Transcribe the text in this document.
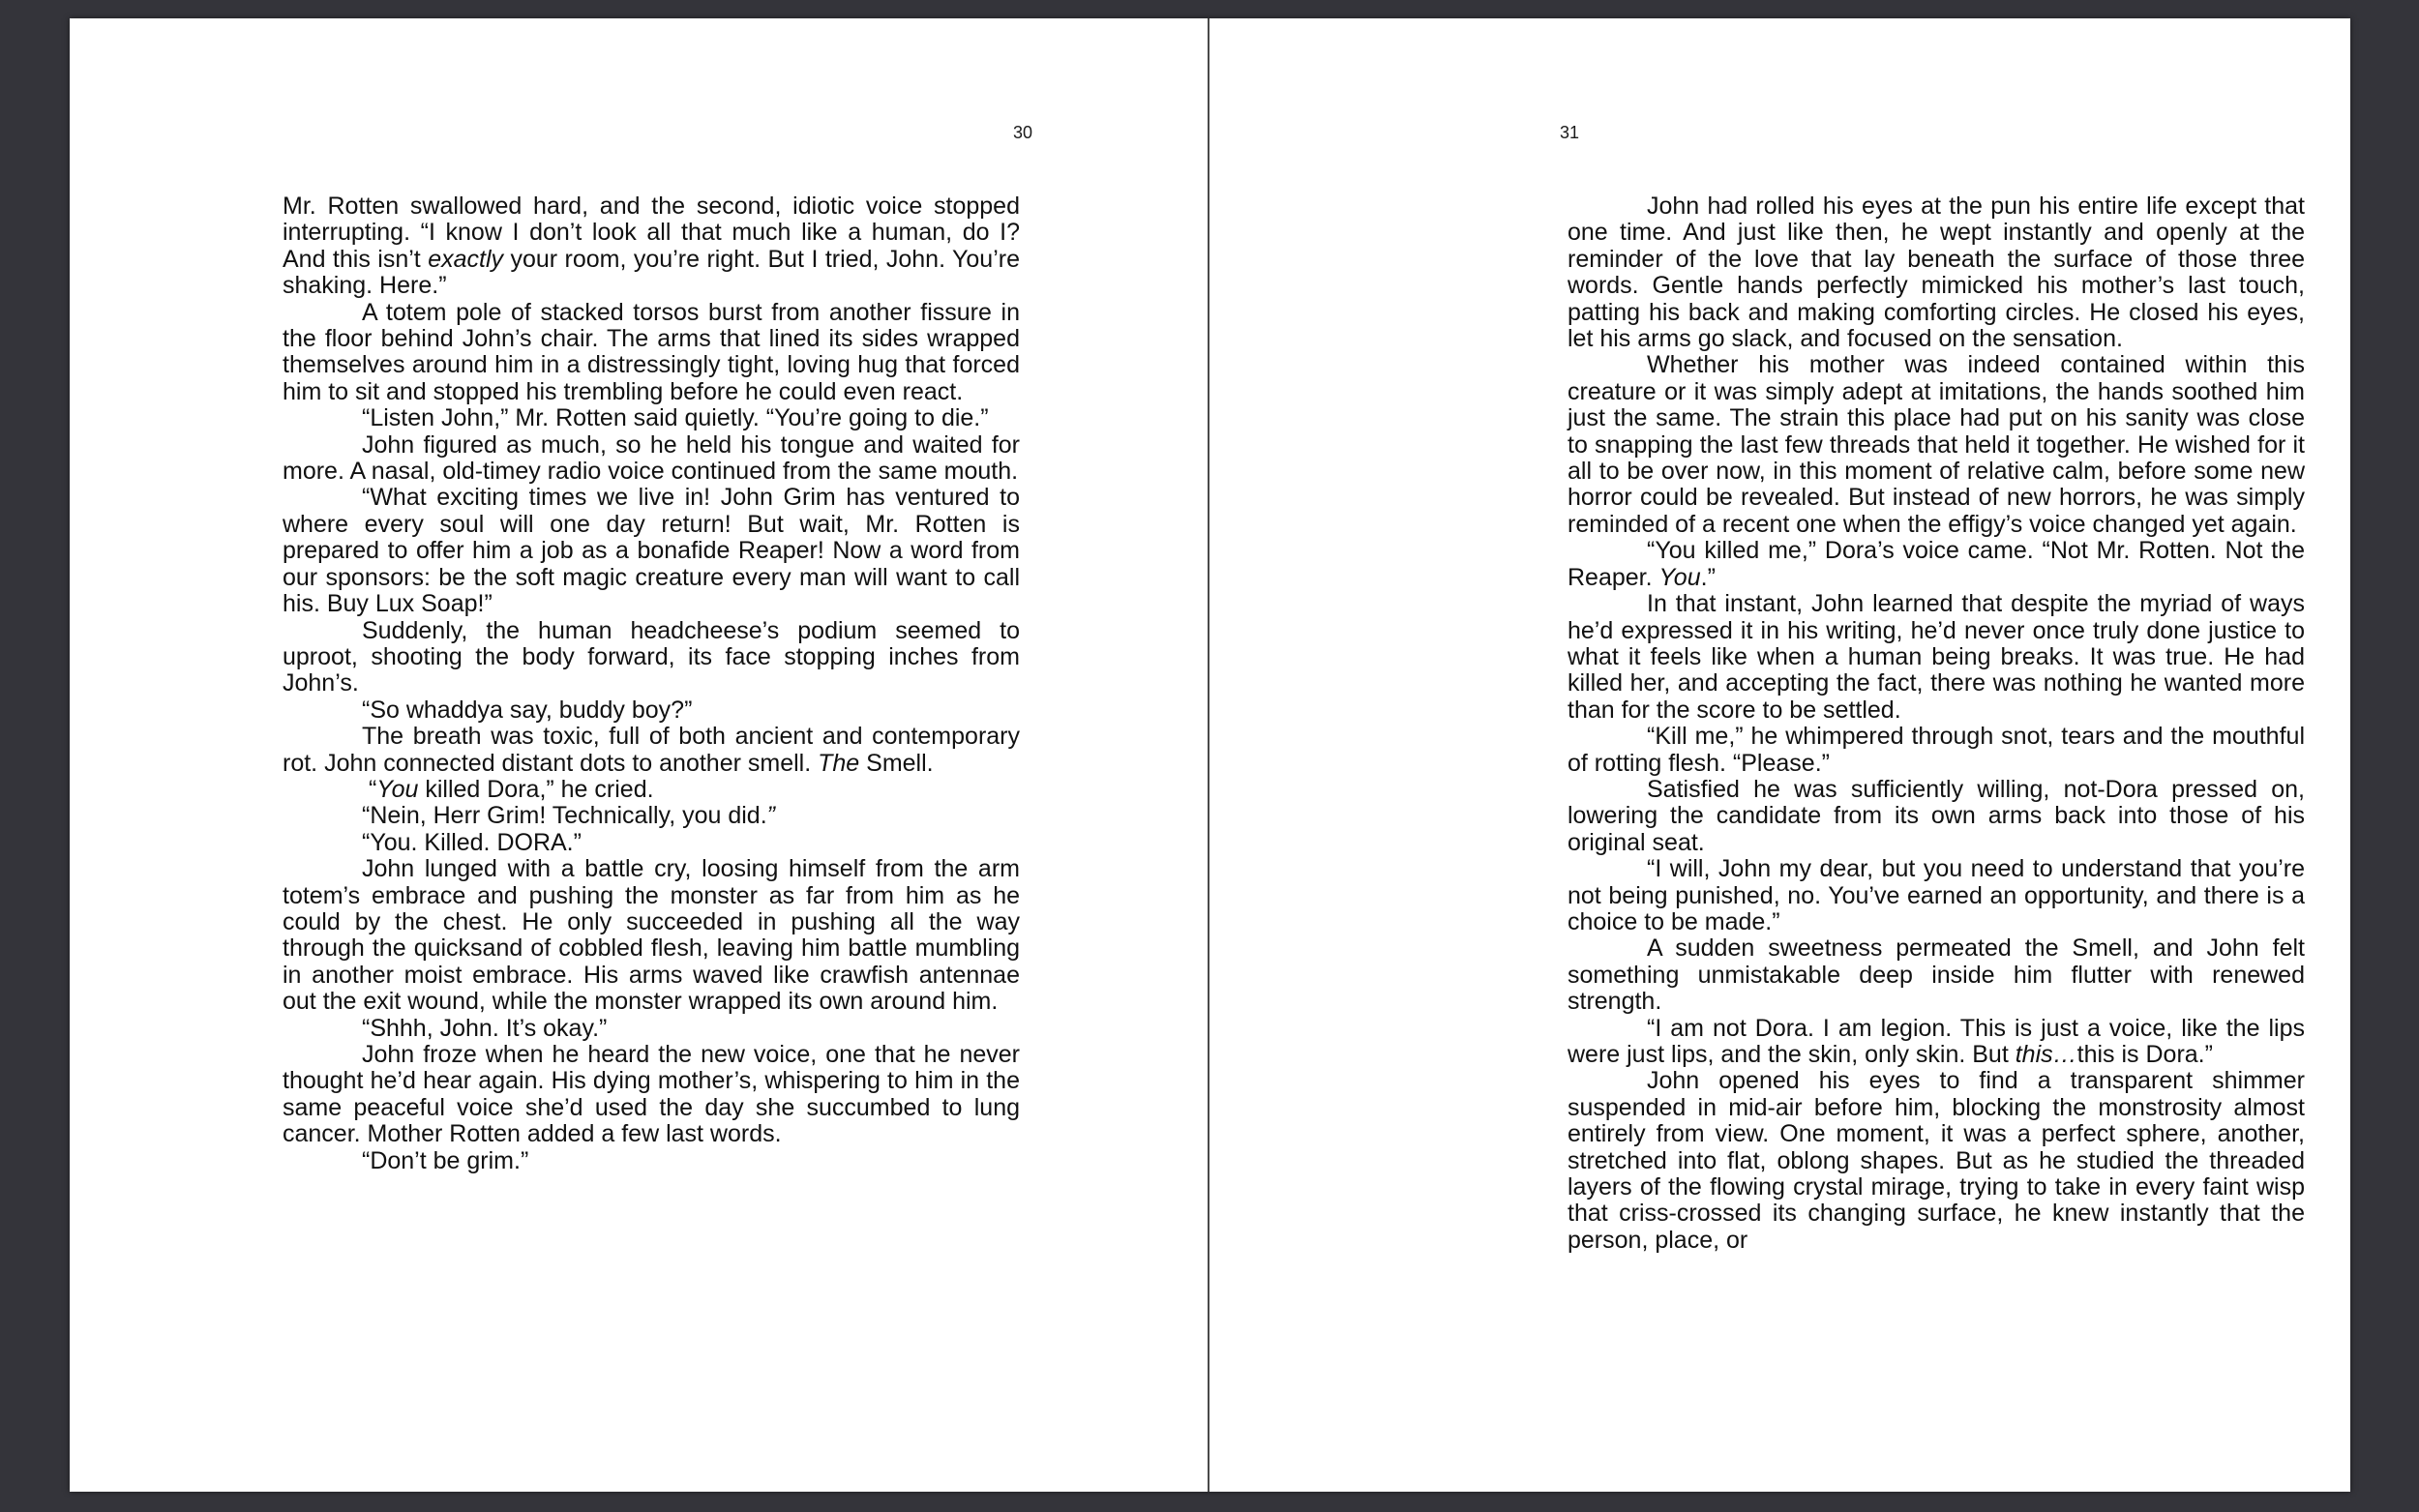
30

Mr. Rotten swallowed hard, and the second, idiotic voice stopped interrupting. “I know I don’t look all that much like a human, do I? And this isn’t exactly your room, you’re right. But I tried, John. You’re shaking. Here.”

A totem pole of stacked torsos burst from another fissure in the floor behind John’s chair. The arms that lined its sides wrapped themselves around him in a distressingly tight, loving hug that forced him to sit and stopped his trembling before he could even react.

“Listen John,” Mr. Rotten said quietly. “You’re going to die.”

John figured as much, so he held his tongue and waited for more. A nasal, old-timey radio voice continued from the same mouth.

“What exciting times we live in! John Grim has ventured to where every soul will one day return! But wait, Mr. Rotten is prepared to offer him a job as a bonafide Reaper! Now a word from our sponsors: be the soft magic creature every man will want to call his. Buy Lux Soap!”

Suddenly, the human headcheese’s podium seemed to uproot, shooting the body forward, its face stopping inches from John’s.

“So whaddya say, buddy boy?”

The breath was toxic, full of both ancient and contemporary rot. John connected distant dots to another smell. The Smell.

“You killed Dora,” he cried.

“Nein, Herr Grim! Technically, you did.”

“You. Killed. DORA.”

John lunged with a battle cry, loosing himself from the arm totem’s embrace and pushing the monster as far from him as he could by the chest. He only succeeded in pushing all the way through the quicksand of cobbled flesh, leaving him battle mumbling in another moist embrace. His arms waved like crawfish antennae out the exit wound, while the monster wrapped its own around him.

“Shhh, John. It’s okay.”

John froze when he heard the new voice, one that he never thought he’d hear again. His dying mother’s, whispering to him in the same peaceful voice she’d used the day she succumbed to lung cancer. Mother Rotten added a few last words.

“Don’t be grim.”

31

John had rolled his eyes at the pun his entire life except that one time. And just like then, he wept instantly and openly at the reminder of the love that lay beneath the surface of those three words. Gentle hands perfectly mimicked his mother’s last touch, patting his back and making comforting circles. He closed his eyes, let his arms go slack, and focused on the sensation.

Whether his mother was indeed contained within this creature or it was simply adept at imitations, the hands soothed him just the same. The strain this place had put on his sanity was close to snapping the last few threads that held it together. He wished for it all to be over now, in this moment of relative calm, before some new horror could be revealed. But instead of new horrors, he was simply reminded of a recent one when the effigy’s voice changed yet again.

“You killed me,” Dora’s voice came. “Not Mr. Rotten. Not the Reaper. You.”

In that instant, John learned that despite the myriad of ways he’d expressed it in his writing, he’d never once truly done justice to what it feels like when a human being breaks. It was true. He had killed her, and accepting the fact, there was nothing he wanted more than for the score to be settled.

“Kill me,” he whimpered through snot, tears and the mouthful of rotting flesh. “Please.”

Satisfied he was sufficiently willing, not-Dora pressed on, lowering the candidate from its own arms back into those of his original seat.

“I will, John my dear, but you need to understand that you’re not being punished, no. You’ve earned an opportunity, and there is a choice to be made.”

A sudden sweetness permeated the Smell, and John felt something unmistakable deep inside him flutter with renewed strength.

“I am not Dora. I am legion. This is just a voice, like the lips were just lips, and the skin, only skin. But this…this is Dora.”

John opened his eyes to find a transparent shimmer suspended in mid-air before him, blocking the monstrosity almost entirely from view. One moment, it was a perfect sphere, another, stretched into flat, oblong shapes. But as he studied the threaded layers of the flowing crystal mirage, trying to take in every faint wisp that criss-crossed its changing surface, he knew instantly that the person, place, or
